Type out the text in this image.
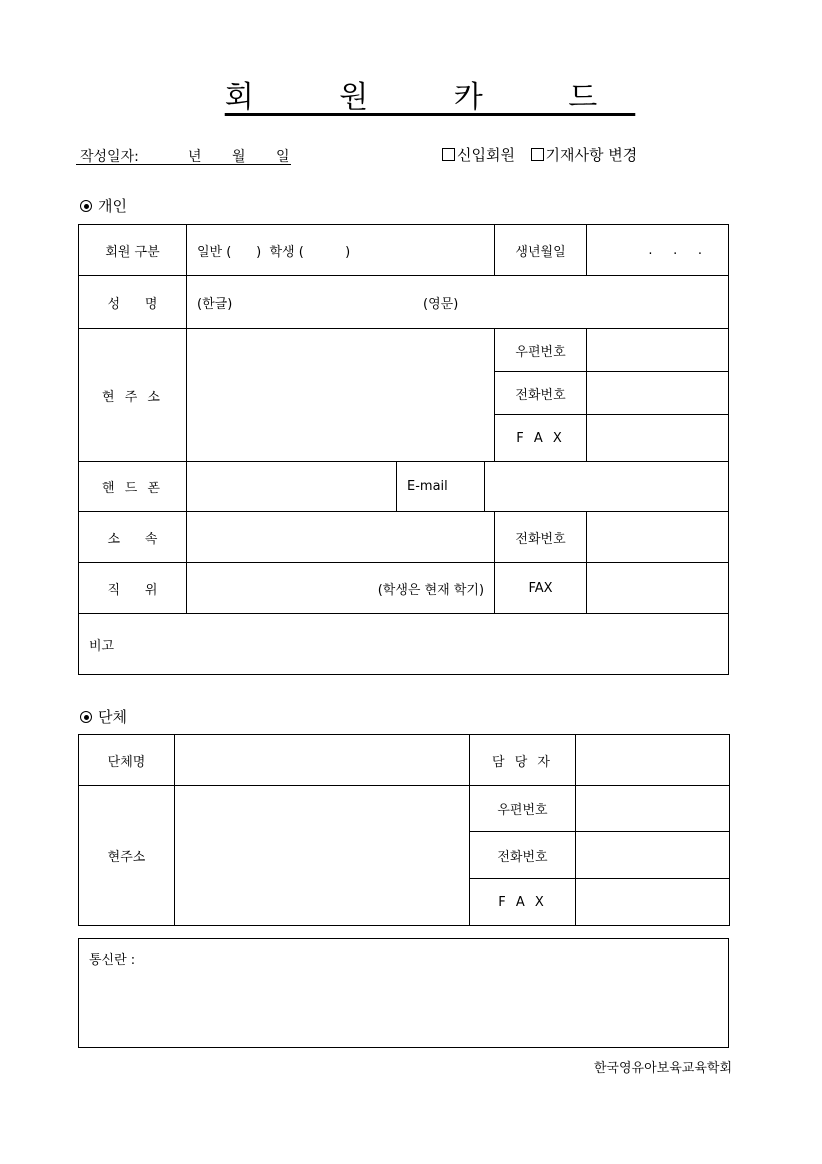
회 원 카 드
작성일자:	년 월 일	신입회원 기재사항 변경
개인
회원 구분	일반 (      )  학생 (          )			생년월일	.     .     .
성      명	(한글) (영문)				

현 주 소				우편번호	
				전화번호	
				F A X	
핸 드 폰		E-mail			
소      속				전화번호	
직      위	(학생은 현재 학기)			FAX	
비고					
단체
단체명		담 당 자	
현주소		우편번호	
		전화번호	
		F A X	
통신란 :
한국영유아보육교육학회
